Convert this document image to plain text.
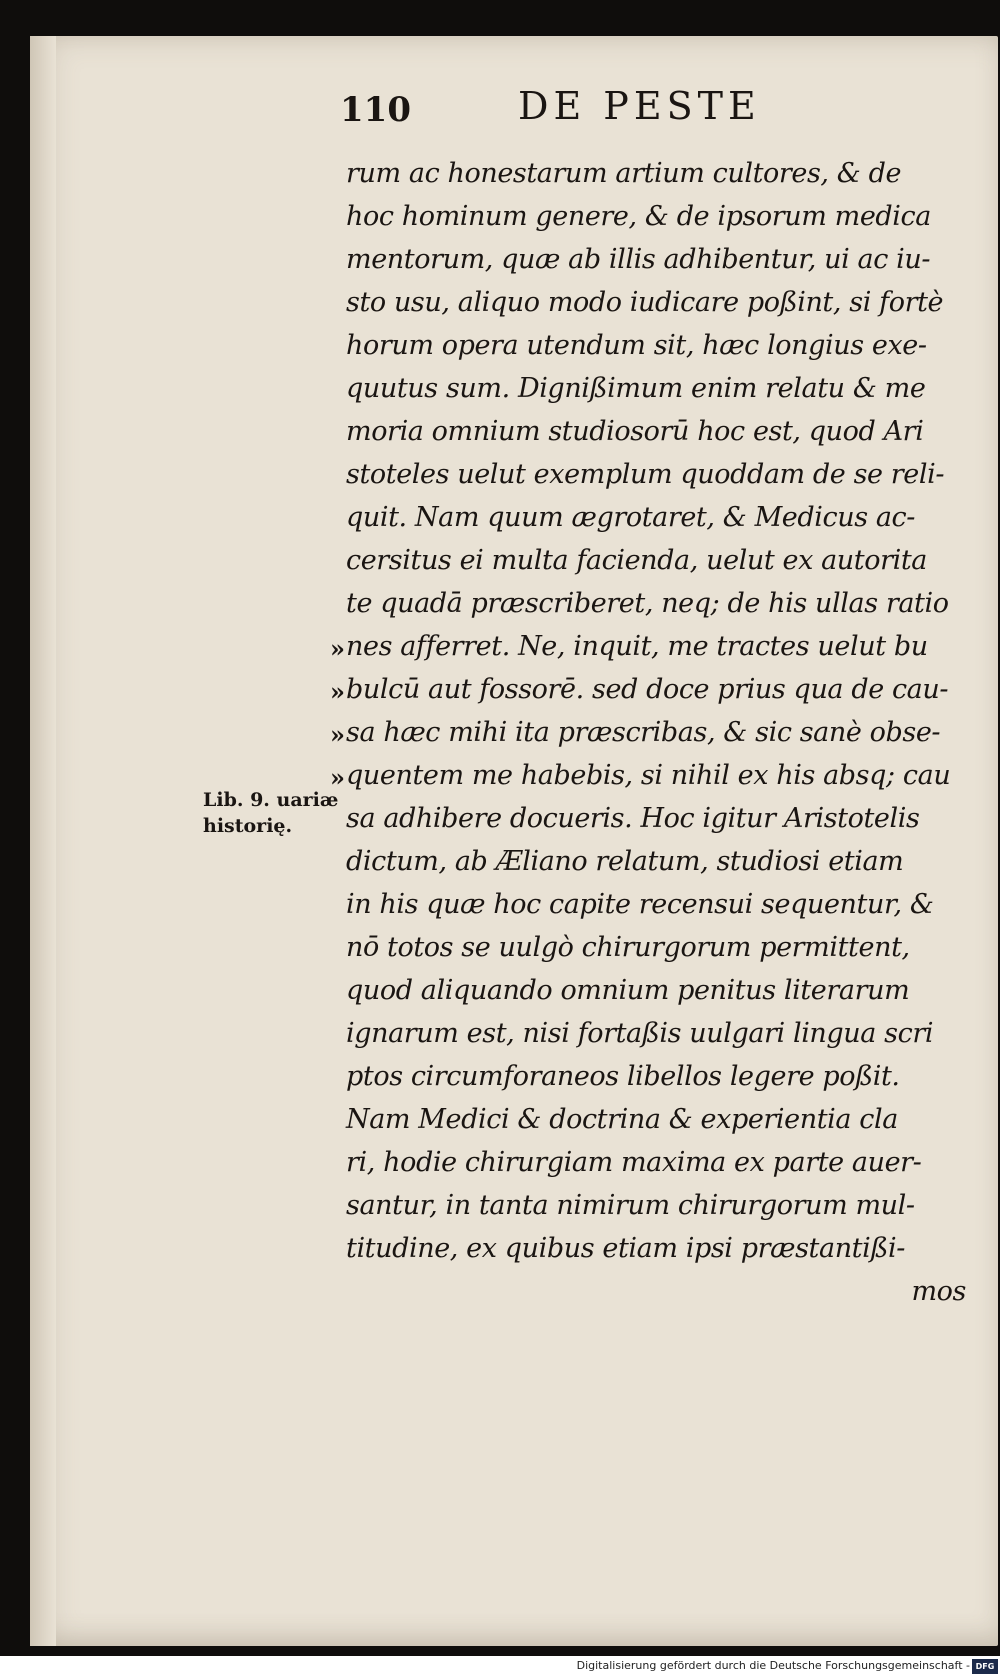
110	DE PESTE
rum ac honestarum artium cultores, & de
hoc hominum genere, & de ipsorum medica
mentorum, quæ ab illis adhibentur, ui ac iu-
sto usu, aliquo modo iudicare poßint, si fortè
horum opera utendum sit, hæc longius exe-
quutus sum. Dignißimum enim relatu & me
moria omnium studiosorū hoc est, quod Ari
stoteles uelut exemplum quoddam de se reli-
quit. Nam quum ægrotaret, & Medicus ac-
cersitus ei multa facienda, uelut ex autorita
te quadā præscriberet, neq; de his ullas ratio
nes afferret. Ne, inquit, me tractes uelut bu
bulcū aut fossorē. sed doce prius qua de cau-
sa hæc mihi ita præscribas, & sic sanè obse-
quentem me habebis, si nihil ex his absq; cau
sa adhibere docueris. Hoc igitur Aristotelis
dictum, ab Æliano relatum, studiosi etiam
in his quæ hoc capite recensui sequentur, &
nō totos se uulgò chirurgorum permittent,
quod aliquando omnium penitus literarum
ignarum est, nisi fortaßis uulgari lingua scri
ptos circumforaneos libellos legere poßit.
Nam Medici & doctrina & experientia cla
ri, hodie chirurgiam maxima ex parte auer-
santur, in tanta nimirum chirurgorum mul-
titudine, ex quibus etiam ipsi præstantißi-
mos
»
»
»
»
Lib. 9. uariæ
historię.
Digitalisierung gefördert durch die Deutsche Forschungsgemeinschaft - DFG
